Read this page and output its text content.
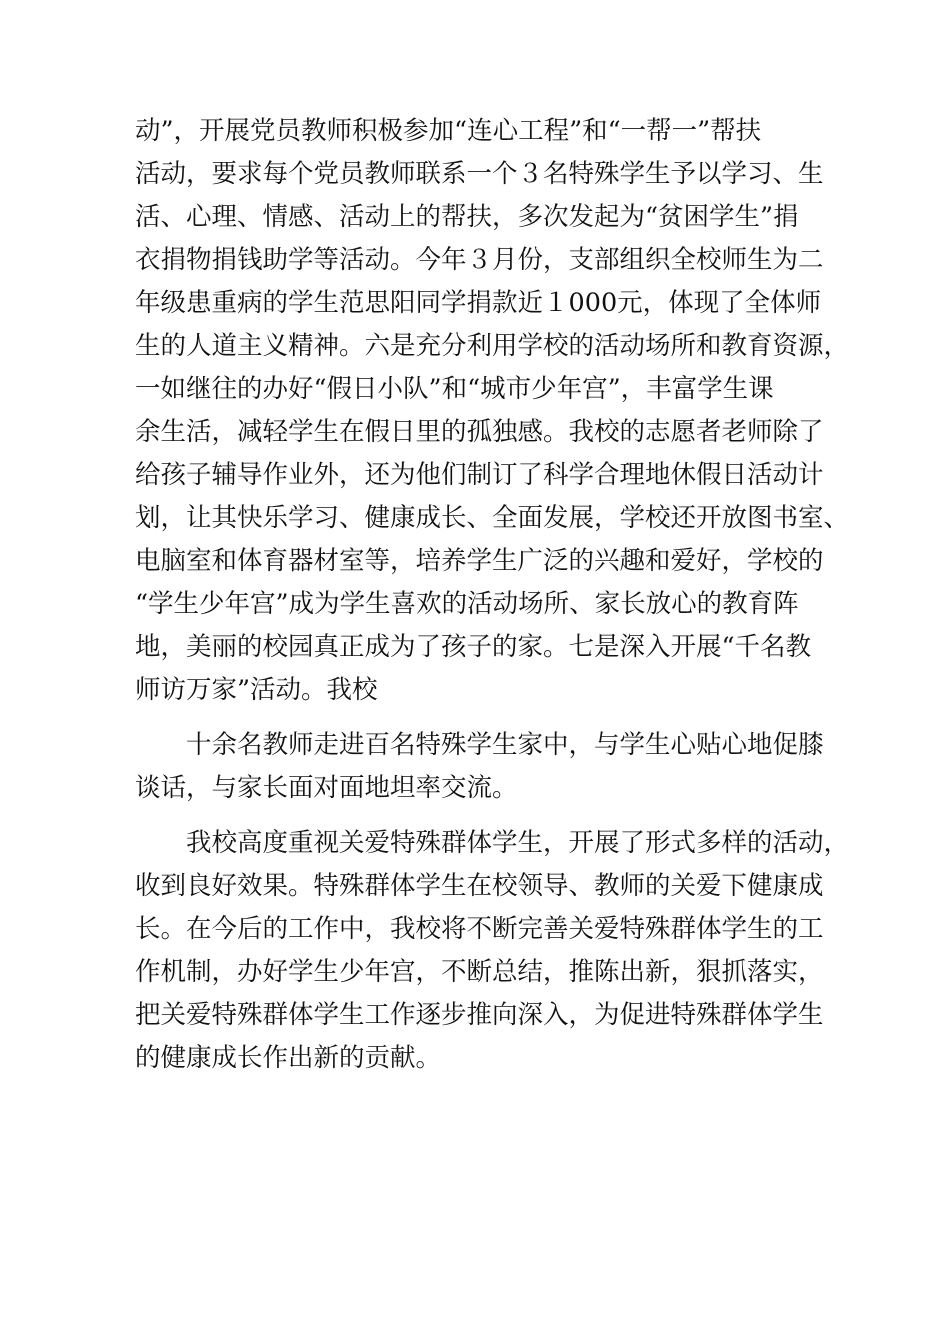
动”，开展党员教师积极参加“连心工程”和“一帮一”帮扶
活动，要求每个党员教师联系一个３名特殊学生予以学习、生
活、心理、情感、活动上的帮扶，多次发起为“贫困学生”捐
衣捐物捐钱助学等活动。今年３月份，支部组织全校师生为二
年级患重病的学生范思阳同学捐款近１000元，体现了全体师
生的人道主义精神。六是充分利用学校的活动场所和教育资源，
一如继往的办好“假日小队”和“城市少年宫”，丰富学生课
余生活，减轻学生在假日里的孤独感。我校的志愿者老师除了
给孩子辅导作业外，还为他们制订了科学合理地休假日活动计
划，让其快乐学习、健康成长、全面发展，学校还开放图书室、
电脑室和体育器材室等，培养学生广泛的兴趣和爱好，学校的
“学生少年宫”成为学生喜欢的活动场所、家长放心的教育阵
地，美丽的校园真正成为了孩子的家。七是深入开展“千名教
师访万家”活动。我校
十余名教师走进百名特殊学生家中，与学生心贴心地促膝
谈话，与家长面对面地坦率交流。
我校高度重视关爱特殊群体学生，开展了形式多样的活动，
收到良好效果。特殊群体学生在校领导、教师的关爱下健康成
长。在今后的工作中，我校将不断完善关爱特殊群体学生的工
作机制，办好学生少年宫，不断总结，推陈出新，狠抓落实，
把关爱特殊群体学生工作逐步推向深入，为促进特殊群体学生
的健康成长作出新的贡献。
